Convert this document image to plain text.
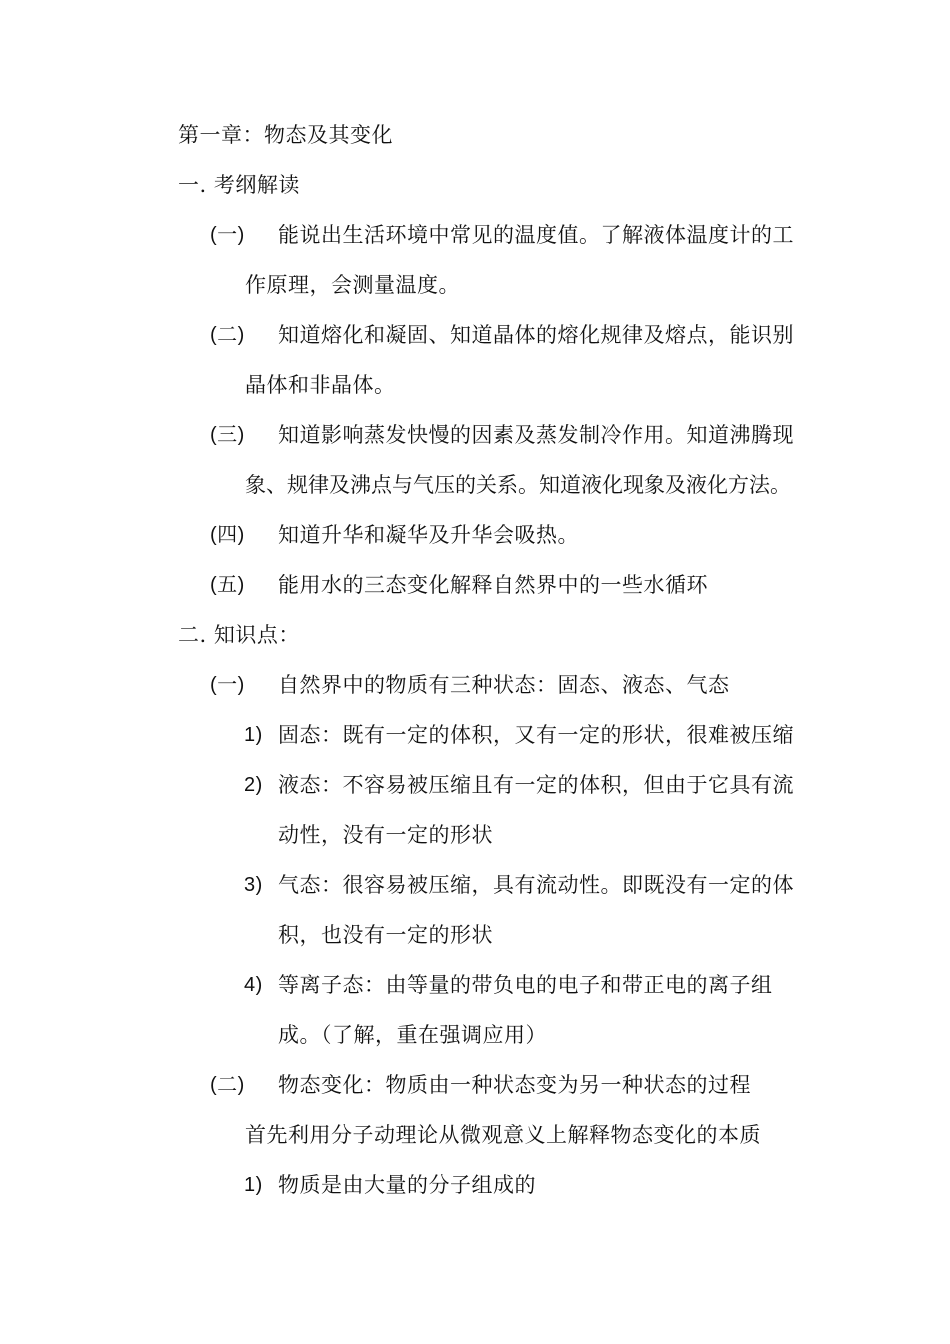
第一章：物态及其变化
一. 考纲解读
(一) 能说出生活环境中常见的温度值。了解液体温度计的工
作原理，会测量温度。
(二) 知道熔化和凝固、知道晶体的熔化规律及熔点，能识别
晶体和非晶体。
(三) 知道影响蒸发快慢的因素及蒸发制冷作用。知道沸腾现
象、规律及沸点与气压的关系。知道液化现象及液化方法。
(四) 知道升华和凝华及升华会吸热。
(五) 能用水的三态变化解释自然界中的一些水循环
二. 知识点：
(一) 自然界中的物质有三种状态：固态、液态、气态
1) 固态：既有一定的体积，又有一定的形状，很难被压缩
2) 液态：不容易被压缩且有一定的体积，但由于它具有流
动性，没有一定的形状
3) 气态：很容易被压缩，具有流动性。即既没有一定的体
积，也没有一定的形状
4) 等离子态：由等量的带负电的电子和带正电的离子组
成。（了解，重在强调应用）
(二) 物态变化：物质由一种状态变为另一种状态的过程
首先利用分子动理论从微观意义上解释物态变化的本质
1) 物质是由大量的分子组成的
